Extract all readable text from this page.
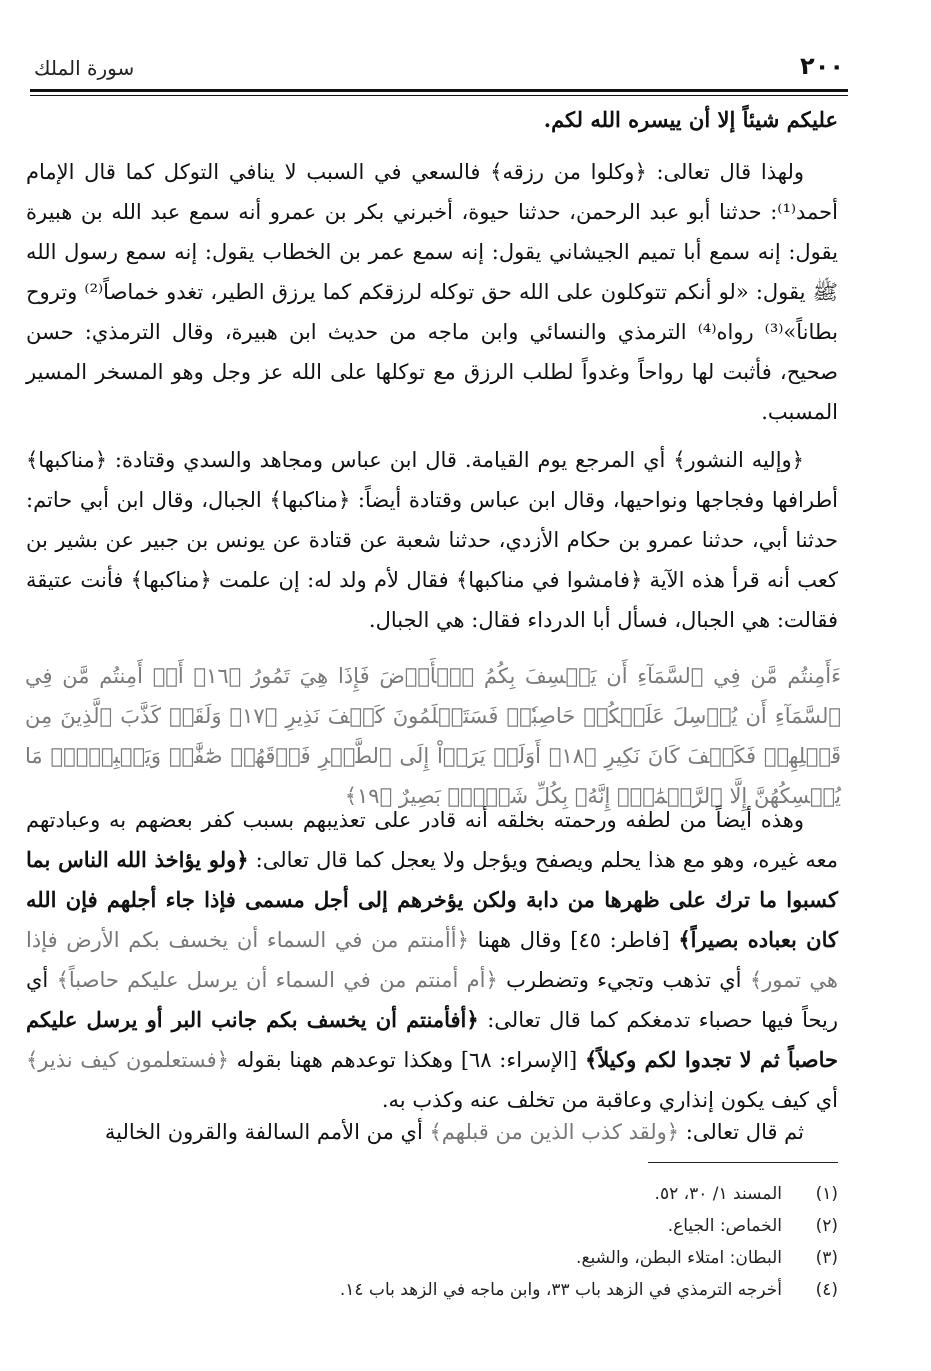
سورة الملك	٢٠٠

عليكم شيئاً إلا أن ييسره الله لكم.

ولهذا قال تعالى: ﴿وكلوا من رزقه﴾ فالسعي في السبب لا ينافي التوكل كما قال الإمام أحمد⁽¹⁾: حدثنا أبو عبد الرحمن، حدثنا حيوة، أخبرني بكر بن عمرو أنه سمع عبد الله بن هبيرة يقول: إنه سمع أبا تميم الجيشاني يقول: إنه سمع عمر بن الخطاب يقول: إنه سمع رسول الله ﷺ يقول: «لو أنكم تتوكلون على الله حق توكله لرزقكم كما يرزق الطير، تغدو خماصاً⁽²⁾ وتروح بطاناً»⁽³⁾ رواه⁽⁴⁾ الترمذي والنسائي وابن ماجه من حديث ابن هبيرة، وقال الترمذي: حسن صحيح، فأثبت لها رواحاً وغدواً لطلب الرزق مع توكلها على الله عز وجل وهو المسخر المسير المسبب.

﴿وإليه النشور﴾ أي المرجع يوم القيامة. قال ابن عباس ومجاهد والسدي وقتادة: ﴿مناكبها﴾ أطرافها وفجاجها ونواحيها، وقال ابن عباس وقتادة أيضاً: ﴿مناكبها﴾ الجبال، وقال ابن أبي حاتم: حدثنا أبي، حدثنا عمرو بن حكام الأزدي، حدثنا شعبة عن قتادة عن يونس بن جبير عن بشير بن كعب أنه قرأ هذه الآية ﴿فامشوا في مناكبها﴾ فقال لأم ولد له: إن علمت ﴿مناكبها﴾ فأنت عتيقة فقالت: هي الجبال، فسأل أبا الدرداء فقال: هي الجبال.

ءَأَمِنتُم مَّن فِي ٱلسَّمَآءِ أَن يَخۡسِفَ بِكُمُ ٱلۡأَرۡضَ فَإِذَا هِيَ تَمُورُ ﴿١٦﴾ أَمۡ أَمِنتُم مَّن فِي ٱلسَّمَآءِ أَن يُرۡسِلَ عَلَيۡكُمۡ حَاصِبٗاۖ فَسَتَعۡلَمُونَ كَيۡفَ نَذِيرِ ﴿١٧﴾ وَلَقَدۡ كَذَّبَ ٱلَّذِينَ مِن قَبۡلِهِمۡ فَكَيۡفَ كَانَ نَكِيرِ ﴿١٨﴾ أَوَلَمۡ يَرَوۡاْ إِلَى ٱلطَّيۡرِ فَوۡقَهُمۡ صَٰٓفَّٰتٖ وَيَقۡبِضۡنَۚ مَا يُمۡسِكُهُنَّ إِلَّا ٱلرَّحۡمَٰنُۚ إِنَّهُۥ بِكُلِّ شَيۡءِۢ بَصِيرٌ ﴿١٩﴾

وهذه أيضاً من لطفه ورحمته بخلقه أنه قادر على تعذيبهم بسبب كفر بعضهم به وعبادتهم معه غيره، وهو مع هذا يحلم ويصفح ويؤجل ولا يعجل كما قال تعالى: ﴿ولو يؤاخذ الله الناس بما كسبوا ما ترك على ظهرها من دابة ولكن يؤخرهم إلى أجل مسمى فإذا جاء أجلهم فإن الله كان بعباده بصيراً﴾ [فاطر: ٤٥] وقال ههنا ﴿أأمنتم من في السماء أن يخسف بكم الأرض فإذا هي تمور﴾ أي تذهب وتجيء وتضطرب ﴿أم أمنتم من في السماء أن يرسل عليكم حاصباً﴾ أي ريحاً فيها حصباء تدمغكم كما قال تعالى: ﴿أفأمنتم أن يخسف بكم جانب البر أو يرسل عليكم حاصباً ثم لا تجدوا لكم وكيلاً﴾ [الإسراء: ٦٨] وهكذا توعدهم ههنا بقوله ﴿فستعلمون كيف نذير﴾ أي كيف يكون إنذاري وعاقبة من تخلف عنه وكذب به.

ثم قال تعالى: ﴿ولقد كذب الذين من قبلهم﴾ أي من الأمم السالفة والقرون الخالية

(١)
المسند ١/ ٣٠، ٥٢.
(٢)
الخماص: الجياع.
(٣)
البطان: امتلاء البطن، والشبع.
(٤)
أخرجه الترمذي في الزهد باب ٣٣، وابن ماجه في الزهد باب ١٤.
